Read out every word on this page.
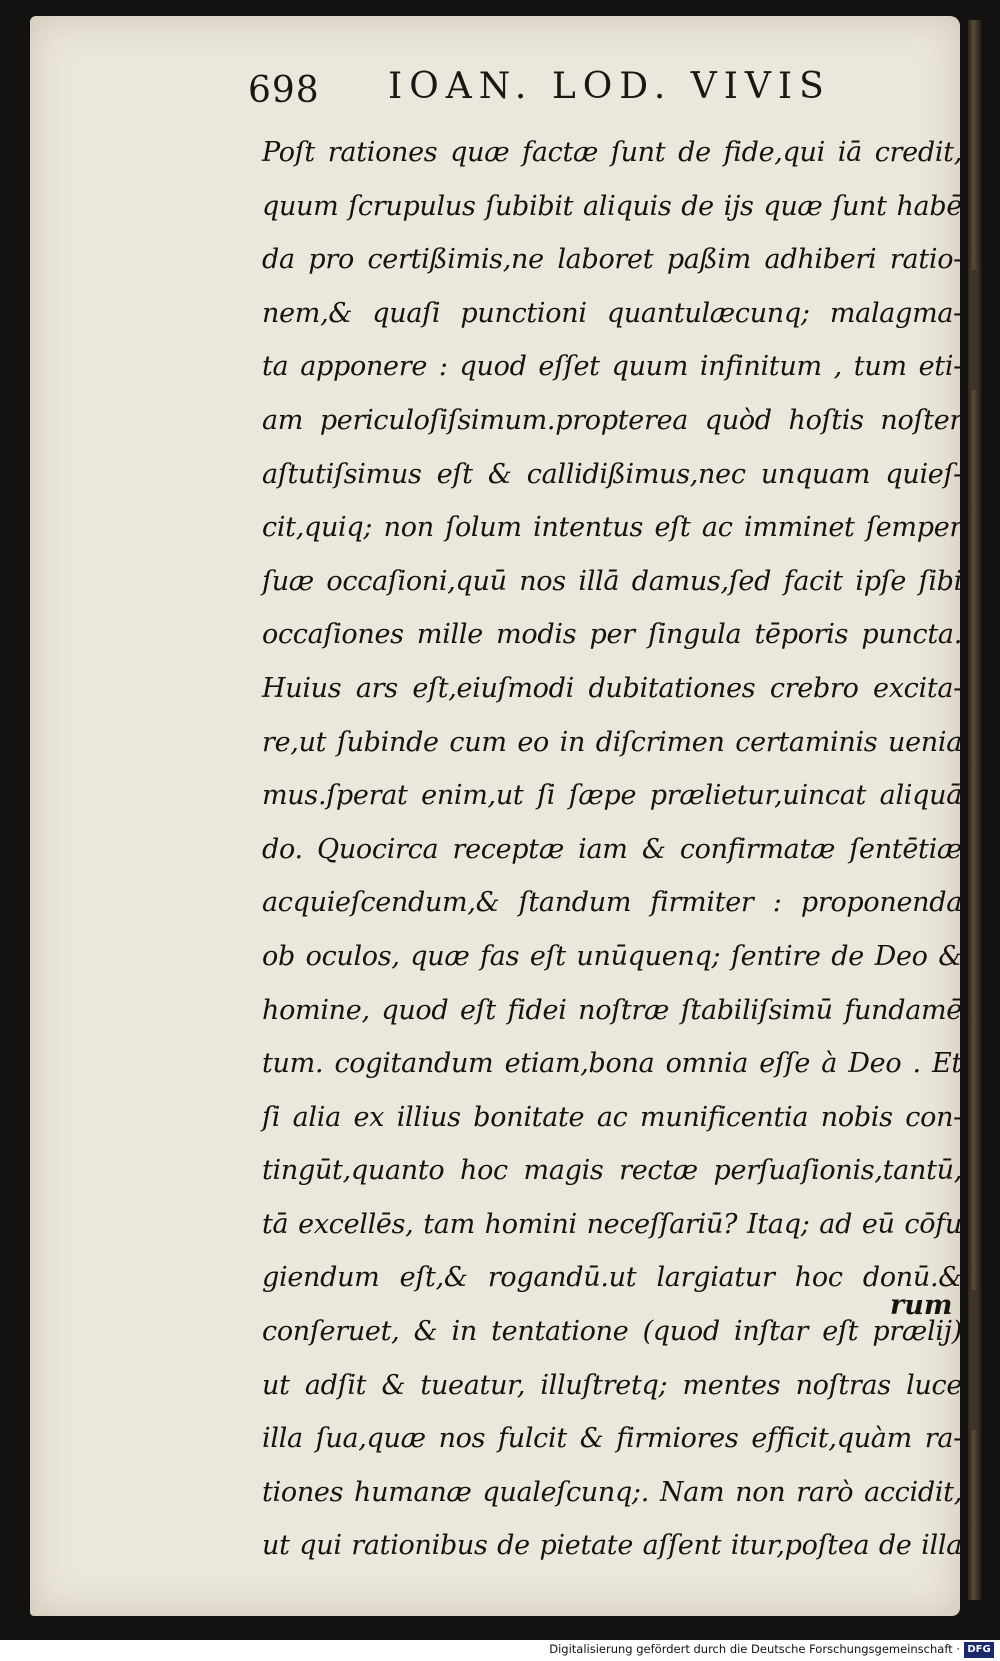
698 IOAN. LOD. VIVIS
Poſt rationes quæ factæ ſunt de fide,qui iā credit,
quum ſcrupulus ſubibit aliquis de ijs quæ ſunt habē
da pro certißimis,ne laboret paßim adhiberi ratio-
nem,& quaſi punctioni quantulæcunq; malagma-
ta apponere : quod eſſet quum infinitum , tum eti-
am periculoſiſsimum.propterea quòd hoſtis noſter
aſtutiſsimus eſt & callidißimus,nec unquam quieſ-
cit,quiq; non ſolum intentus eſt ac imminet ſemper
ſuæ occaſioni,quū nos illā damus,ſed facit ipſe ſibi
occaſiones mille modis per ſingula tēporis puncta.
Huius ars eſt,eiuſmodi dubitationes crebro excita-
re,ut ſubinde cum eo in diſcrimen certaminis uenia
mus.ſperat enim,ut ſi ſæpe prælietur,uincat aliquā
do. Quocirca receptæ iam & confirmatæ ſentētiæ
acquieſcendum,& ſtandum firmiter : proponenda
ob oculos, quæ fas eſt unūquenq; ſentire de Deo &
homine, quod eſt fidei noſtræ ſtabiliſsimū fundamē
tum. cogitandum etiam,bona omnia eſſe à Deo . Et
ſi alia ex illius bonitate ac munificentia nobis con-
tingūt,quanto hoc magis rectæ perſuaſionis,tantū,
tā excellēs, tam homini neceſſariū? Itaq; ad eū cōfu
giendum eſt,& rogandū.ut largiatur hoc donū.&
conſeruet, & in tentatione (quod inſtar eſt prælij)
ut adſit & tueatur, illuſtretq; mentes noſtras luce
illa ſua,quæ nos fulcit & firmiores efficit,quàm ra-
tiones humanæ qualeſcunq;. Nam non rarò accidit,
ut qui rationibus de pietate aſſent itur,poſtea de illa
rum
Digitalisierung gefördert durch die Deutsche Forschungsgemeinschaft · DFG
